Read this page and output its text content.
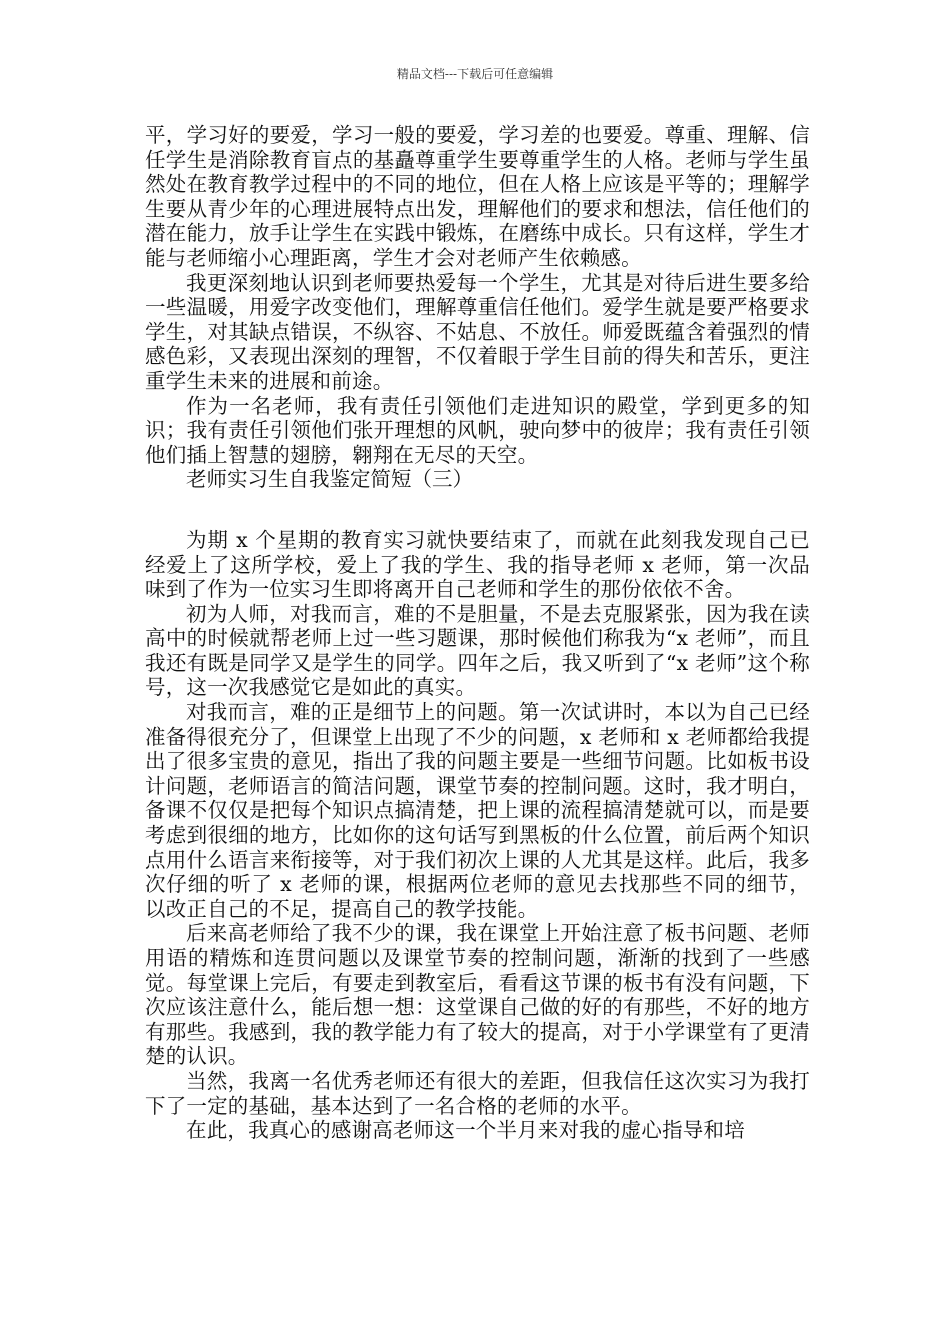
精品文档---下载后可任意编辑

平，学习好的要爱，学习一般的要爱，学习差的也要爱。尊重、理解、信任学生是消除教育盲点的基矗尊重学生要尊重学生的人格。老师与学生虽然处在教育教学过程中的不同的地位，但在人格上应该是平等的；理解学生要从青少年的心理进展特点出发，理解他们的要求和想法，信任他们的潜在能力，放手让学生在实践中锻炼，在磨练中成长。只有这样，学生才能与老师缩小心理距离，学生才会对老师产生依赖感。

我更深刻地认识到老师要热爱每一个学生，尤其是对待后进生要多给一些温暖，用爱字改变他们，理解尊重信任他们。爱学生就是要严格要求学生，对其缺点错误，不纵容、不姑息、不放任。师爱既蕴含着强烈的情感色彩，又表现出深刻的理智，不仅着眼于学生目前的得失和苦乐，更注重学生未来的进展和前途。

作为一名老师，我有责任引领他们走进知识的殿堂，学到更多的知识；我有责任引领他们张开理想的风帆，驶向梦中的彼岸；我有责任引领他们插上智慧的翅膀，翱翔在无尽的天空。

老师实习生自我鉴定简短（三）

为期 x 个星期的教育实习就快要结束了，而就在此刻我发现自己已经爱上了这所学校，爱上了我的学生、我的指导老师 x 老师，第一次品味到了作为一位实习生即将离开自己老师和学生的那份依依不舍。

初为人师，对我而言，难的不是胆量，不是去克服紧张，因为我在读高中的时候就帮老师上过一些习题课，那时候他们称我为“x 老师”，而且我还有既是同学又是学生的同学。四年之后，我又听到了“x 老师”这个称号，这一次我感觉它是如此的真实。

对我而言，难的正是细节上的问题。第一次试讲时，本以为自己已经准备得很充分了，但课堂上出现了不少的问题，x 老师和 x 老师都给我提出了很多宝贵的意见，指出了我的问题主要是一些细节问题。比如板书设计问题，老师语言的简洁问题，课堂节奏的控制问题。这时，我才明白，备课不仅仅是把每个知识点搞清楚，把上课的流程搞清楚就可以，而是要考虑到很细的地方，比如你的这句话写到黑板的什么位置，前后两个知识点用什么语言来衔接等，对于我们初次上课的人尤其是这样。此后，我多次仔细的听了 x 老师的课，根据两位老师的意见去找那些不同的细节，以改正自己的不足，提高自己的教学技能。

后来高老师给了我不少的课，我在课堂上开始注意了板书问题、老师用语的精炼和连贯问题以及课堂节奏的控制问题，渐渐的找到了一些感觉。每堂课上完后，有要走到教室后，看看这节课的板书有没有问题，下次应该注意什么，能后想一想：这堂课自己做的好的有那些，不好的地方有那些。我感到，我的教学能力有了较大的提高，对于小学课堂有了更清楚的认识。

当然，我离一名优秀老师还有很大的差距，但我信任这次实习为我打下了一定的基础，基本达到了一名合格的老师的水平。

在此，我真心的感谢高老师这一个半月来对我的虚心指导和培
